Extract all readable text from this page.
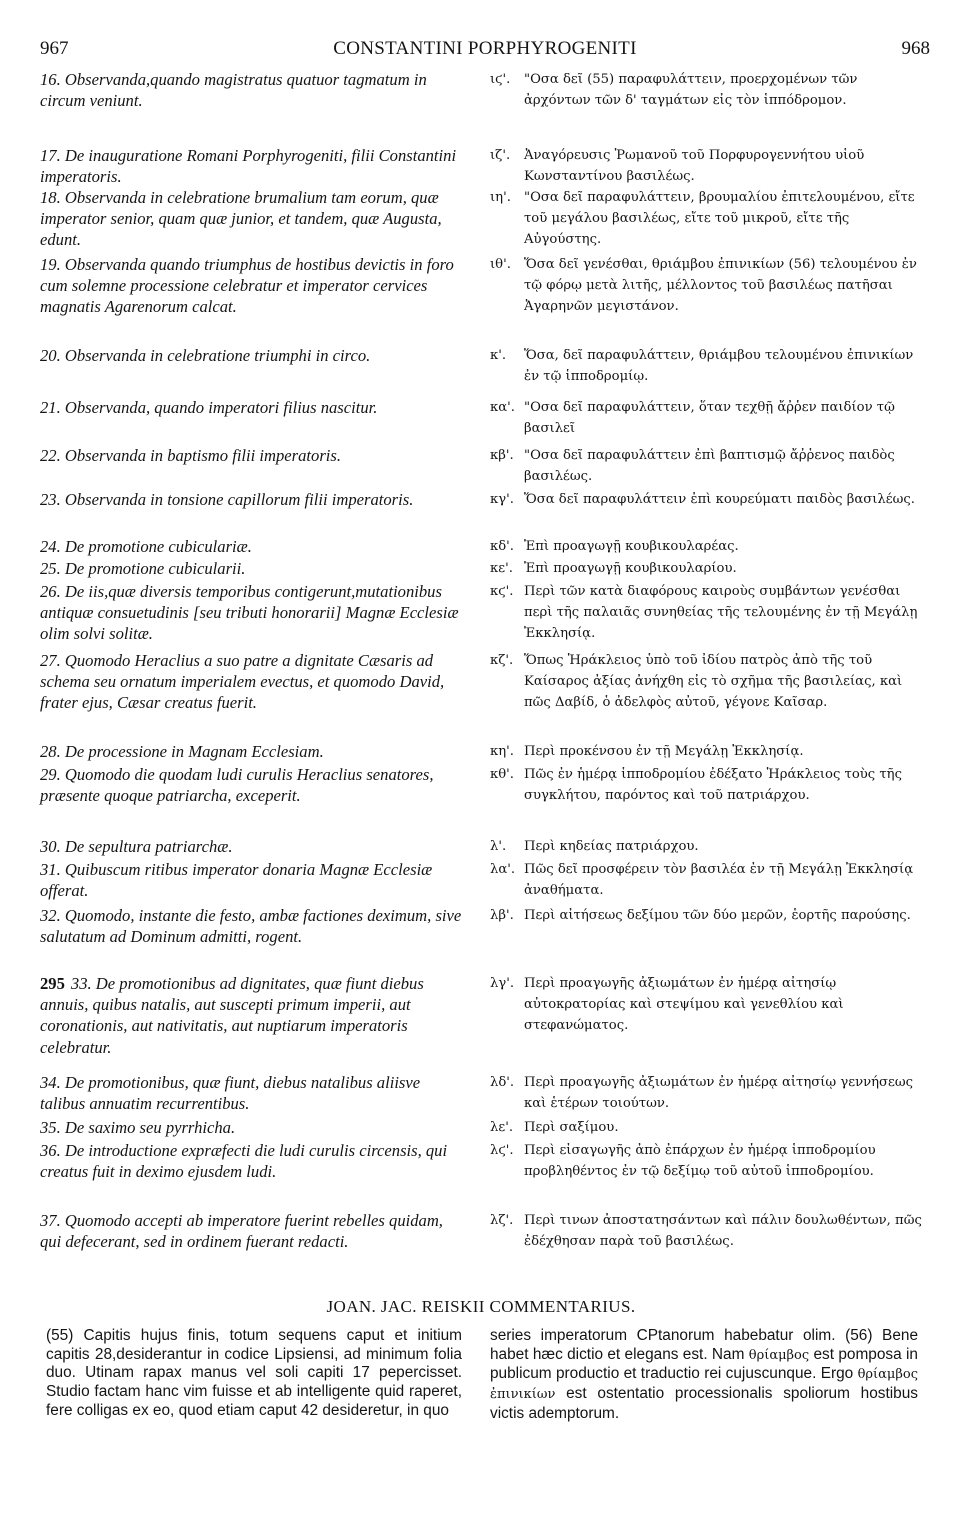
967	CONSTANTINI PORPHYROGENITI	968
16. Observanda,quando magistratus quatuor tagmatum in circum veniunt.
17. De inauguratione Romani Porphyrogeniti, filii Constantini imperatoris.
18. Observanda in celebratione brumalium tam eorum, quæ imperator senior, quam quæ junior, et tandem, quæ Augusta, edunt.
19. Observanda quando triumphus de hostibus devictis in foro cum solemne processione celebratur et imperator cervices magnatis Agarenorum calcat.
20. Observanda in celebratione triumphi in circo.
21. Observanda, quando imperatori filius nascitur.
22. Observanda in baptismo filii imperatoris.
23. Observanda in tonsione capillorum filii imperatoris.
24. De promotione cubiculariæ.
25. De promotione cubicularii.
26. De iis,quæ diversis temporibus contigerunt,mutationibus antiquæ consuetudinis [seu tributi honorarii] Magnæ Ecclesiæ olim solvi solitæ.
27. Quomodo Heraclius a suo patre a dignitate Cæsaris ad schema seu ornatum imperialem evectus, et quomodo David, frater ejus, Cæsar creatus fuerit.
28. De processione in Magnam Ecclesiam.
29. Quomodo die quodam ludi curulis Heraclius senatores, præsente quoque patriarcha, exceperit.
30. De sepultura patriarchæ.
31. Quibuscum ritibus imperator donaria Magnæ Ecclesiæ offerat.
32. Quomodo, instante die festo, ambæ factiones deximum, sive salutatum ad Dominum admitti, rogent.
295 33. De promotionibus ad dignitates, quæ fiunt diebus annuis, quibus natalis, aut suscepti primum imperii, aut coronationis, aut nativitatis, aut nuptiarum imperatoris celebratur.
34. De promotionibus, quæ fiunt, diebus natalibus aliisve talibus annuatim recurrentibus.
35. De saximo seu pyrrhicha.
36. De introductione expræfecti die ludi curulis circensis, qui creatus fuit in deximo ejusdem ludi.
37. Quomodo accepti ab imperatore fuerint rebelles quidam, qui defecerant, sed in ordinem fuerant redacti.
ιϛ'. "Οσα δεῖ (55) παραφυλάττειν, προερχομένων τῶν ἀρχόντων τῶν δ' ταγμάτων εἰς τὸν ἱππόδρομον.
ιζ'. Ἀναγόρευσις Ῥωμανοῦ τοῦ Πορφυρογεννήτου υἱοῦ Κωνσταντίνου βασιλέως.
ιη'. "Οσα δεῖ παραφυλάττειν, βρουμαλίου ἐπιτελουμένου, εἴτε τοῦ μεγάλου βασιλέως, εἴτε τοῦ μικροῦ, εἴτε τῆς Αὐγούστης.
ιθ'. Ὅσα δεῖ γενέσθαι, θριάμβου ἐπινικίων (56) τελουμένου ἐν τῷ φόρῳ μετὰ λιτῆς, μέλλοντος τοῦ βασιλέως πατῆσαι Ἀγαρηνῶν μεγιστάνον.
κ'. Ὅσα, δεῖ παραφυλάττειν, θριάμβου τελουμένου ἐπινικίων ἐν τῷ ἱπποδρομίῳ.
κα'. "Οσα δεῖ παραφυλάττειν, ὅταν τεχθῇ ἄῤῥεν παιδίον τῷ βασιλεῖ
κβ'. "Οσα δεῖ παραφυλάττειν ἐπὶ βαπτισμῷ ἄῤῥενος παιδὸς βασιλέως.
κγ'. Ὅσα δεῖ παραφυλάττειν ἐπὶ κουρεύματι παιδὸς βασιλέως.
κδ'. Ἐπὶ προαγωγῇ κουβικουλαρέας.
κε'. Ἐπὶ προαγωγῇ κουβικουλαρίου.
κϛ'. Περὶ τῶν κατὰ διαφόρους καιροὺς συμβάντων γενέσθαι περὶ τῆς παλαιᾶς συνηθείας τῆς τελουμένης ἐν τῇ Μεγάλῃ Ἐκκλησίᾳ.
κζ'. Ὅπως Ἡράκλειος ὑπὸ τοῦ ἰδίου πατρὸς ἀπὸ τῆς τοῦ Καίσαρος ἀξίας ἀνήχθη εἰς τὸ σχῆμα τῆς βασιλείας, καὶ πῶς Δαβίδ, ὁ ἀδελφὸς αὐτοῦ, γέγονε Καῖσαρ.
κη'. Περὶ προκένσου ἐν τῇ Μεγάλῃ Ἐκκλησίᾳ.
κθ'. Πῶς ἐν ἡμέρᾳ ἱπποδρομίου ἐδέξατο Ἡράκλειος τοὺς τῆς συγκλήτου, παρόντος καὶ τοῦ πατριάρχου.
λ'. Περὶ κηδείας πατριάρχου.
λα'. Πῶς δεῖ προσφέρειν τὸν βασιλέα ἐν τῇ Μεγάλῃ Ἐκκλησίᾳ ἀναθήματα.
λβ'. Περὶ αἰτήσεως δεξίμου τῶν δύο μερῶν, ἑορτῆς παρούσης.
λγ'. Περὶ προαγωγῆς ἀξιωμάτων ἐν ἡμέρᾳ αἰτησίῳ αὐτοκρατορίας καὶ στεψίμου καὶ γενεθλίου καὶ στεφανώματος.
λδ'. Περὶ προαγωγῆς ἀξιωμάτων ἐν ἡμέρᾳ αἰτησίῳ γεννήσεως καὶ ἑτέρων τοιούτων.
λε'. Περὶ σαξίμου.
λϛ'. Περὶ εἰσαγωγῆς ἀπὸ ἐπάρχων ἐν ἡμέρᾳ ἱπποδρομίου προβληθέντος ἐν τῷ δεξίμῳ τοῦ αὐτοῦ ἱπποδρομίου.
λζ'. Περὶ τινων ἀποστατησάντων καὶ πάλιν δουλωθέντων, πῶς ἐδέχθησαν παρὰ τοῦ βασιλέως.
JOAN. JAC. REISKII COMMENTARIUS.
(55) Capitis hujus finis, totum sequens caput et initium capitis 28,desiderantur in codice Lipsiensi, ad minimum folia duo. Utinam rapax manus vel soli capiti 17 pepercisset. Studio factam hanc vim fuisse et ab intelligente quid raperet, fere colligas ex eo, quod etiam caput 42 desideretur, in quo
series imperatorum CPtanorum habebatur olim. (56) Bene habet hæc dictio et elegans est. Nam θρίαμβος est pomposa in publicum productio et traductio rei cujuscunque. Ergo θρίαμβος ἐπινικίων est ostentatio processionalis spoliorum hostibus victis ademptorum.
